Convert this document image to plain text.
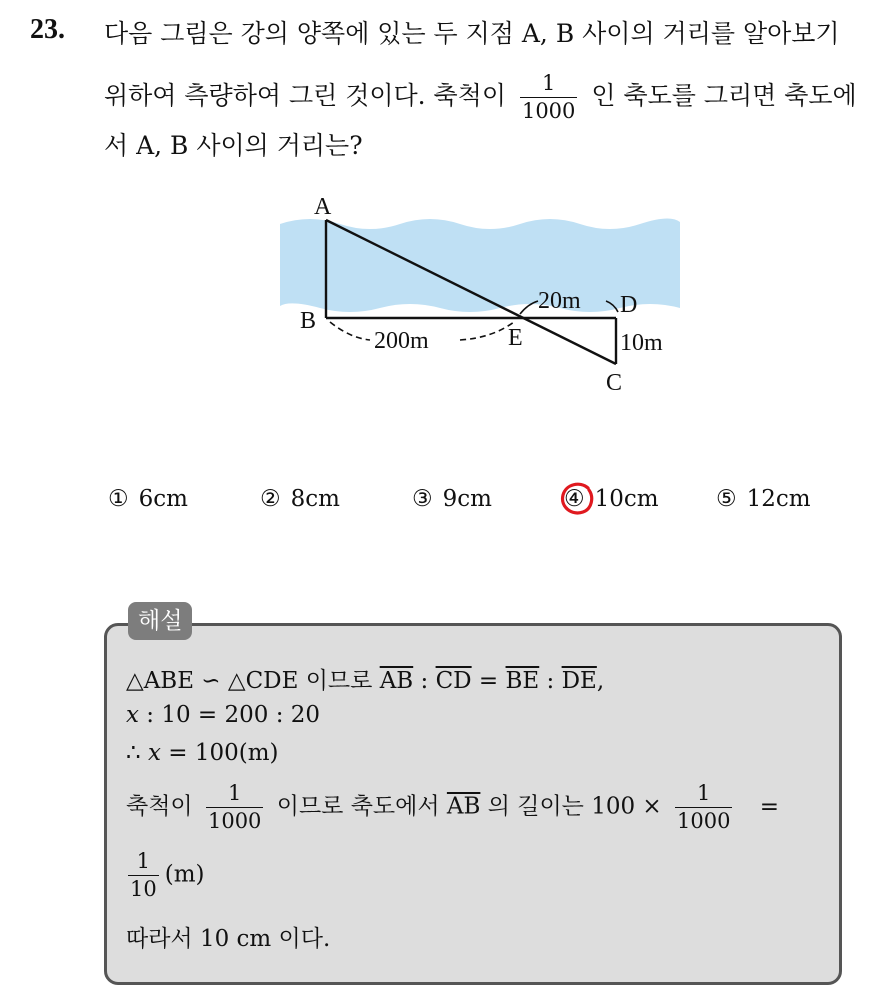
23. 다음 그림은 강의 양쪽에 있는 두 지점 A, B 사이의 거리를 알아보기
위하여 측량하여 그린 것이다. 축척이 $\frac{1}{1000}$ 인 축도를 그리면 축도에
서 A, B 사이의 거리는?
A
B
E
D
C
200m
20m
10m
① 6cm	② 8cm	③ 9cm	④ 10cm ⑤ 12cm
해설
△ABE ∽ △CDE 이므로 $\overline{AB}$ : $\overline{CD} = \overline{BE}$ : $\overline{DE}$,
x : 10 = 200 : 20
∴ x = 100(m)
축척이 $\frac{1}{1000}$ 이므로 축도에서 $\overline{AB}$ 의 길이는 $100 \times \frac{1}{1000}$ =
$\frac{1}{10} (m)$
따라서 10 cm 이다.
